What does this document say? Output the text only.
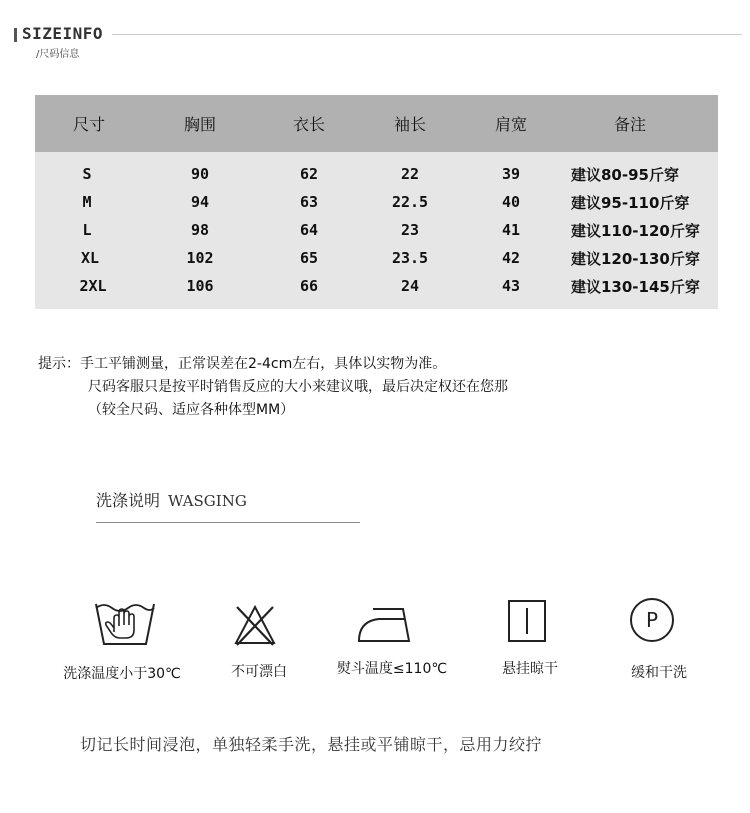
SIZEINFO
/尺码信息
尺寸	胸围	衣长	袖长	肩宽	备注
S	90	62	22	39	建议80-95斤穿
M	94	63	22.5	40	建议95-110斤穿
L	98	64	23	41	建议110-120斤穿
XL	102	65	23.5	42	建议120-130斤穿
2XL	106	66	24	43	建议130-145斤穿
提示：手工平铺测量，正常误差在2-4cm左右，具体以实物为准。
尺码客服只是按平时销售反应的大小来建议哦，最后决定权还在您那
（较全尺码、适应各种体型MM）
洗涤说明 WASGING
洗涤温度小于30℃	不可漂白	熨斗温度≤110℃	悬挂晾干
P
缓和干洗
切记长时间浸泡，单独轻柔手洗，悬挂或平铺晾干，忌用力绞拧
